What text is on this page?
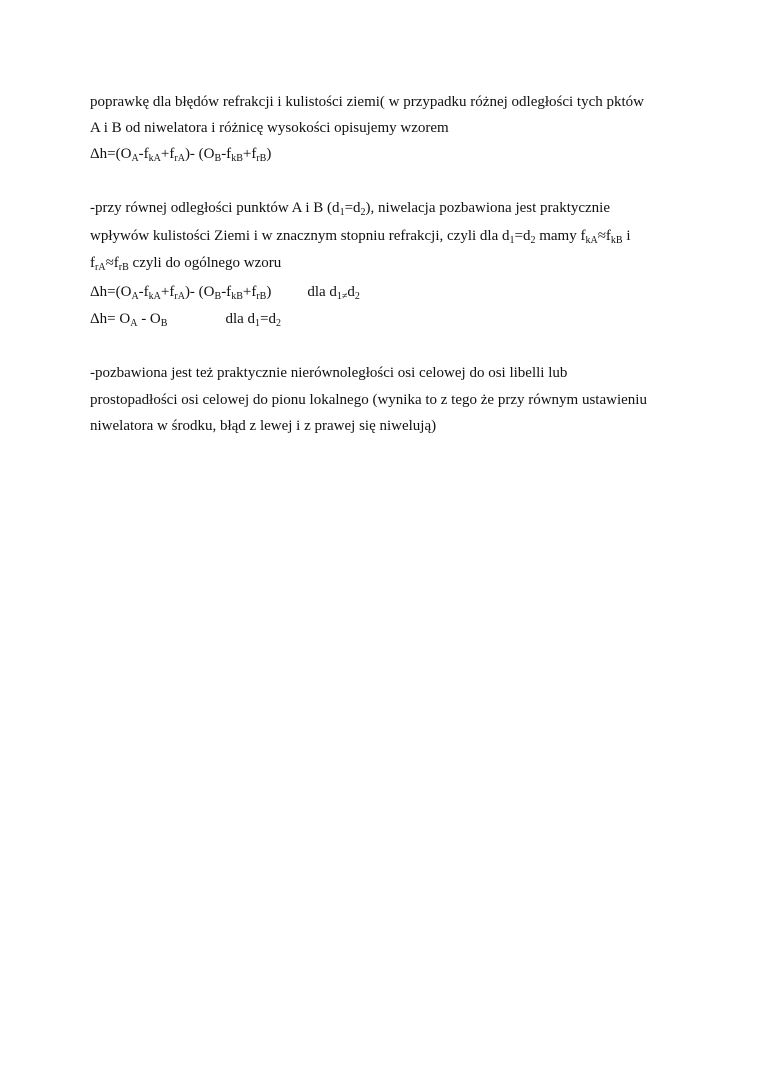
poprawkę dla błędów refrakcji i kulistości ziemi( w przypadku różnej odległości tych pktów
A i B od niwelatora i różnicę wysokości opisujemy wzorem
$\Delta h=(O_A-f_{kA}+f_{rA})-$ $(O_B-f_{kB}+f_{rB})$
-przy równej odległości punktów A i B $(d_1=d_2)$, niwelacja pozbawiona jest praktycznie
wpływów kulistości Ziemi i w znacznym stopniu refrakcji, czyli dla $d_1=d_2$ mamy $f_{kA}\approx f_{kB}$ i
$f_{rA}\approx f_{rB}$ czyli do ogólnego wzoru
$\Delta h=(O_A-f_{kA}+f_{rA})-$ $(O_B-f_{kB}+f_{rB})$ dla $d_{1\ne}d_2$
$\Delta h= O_A - O_B$	dla $d_1=d_2$
-pozbawiona jest też praktycznie nierównoległości osi celowej do osi libelli lub
prostopadłości osi celowej do pionu lokalnego (wynika to z tego że przy równym ustawieniu
niwelatora w środku, błąd z lewej i z prawej się niwelują)
